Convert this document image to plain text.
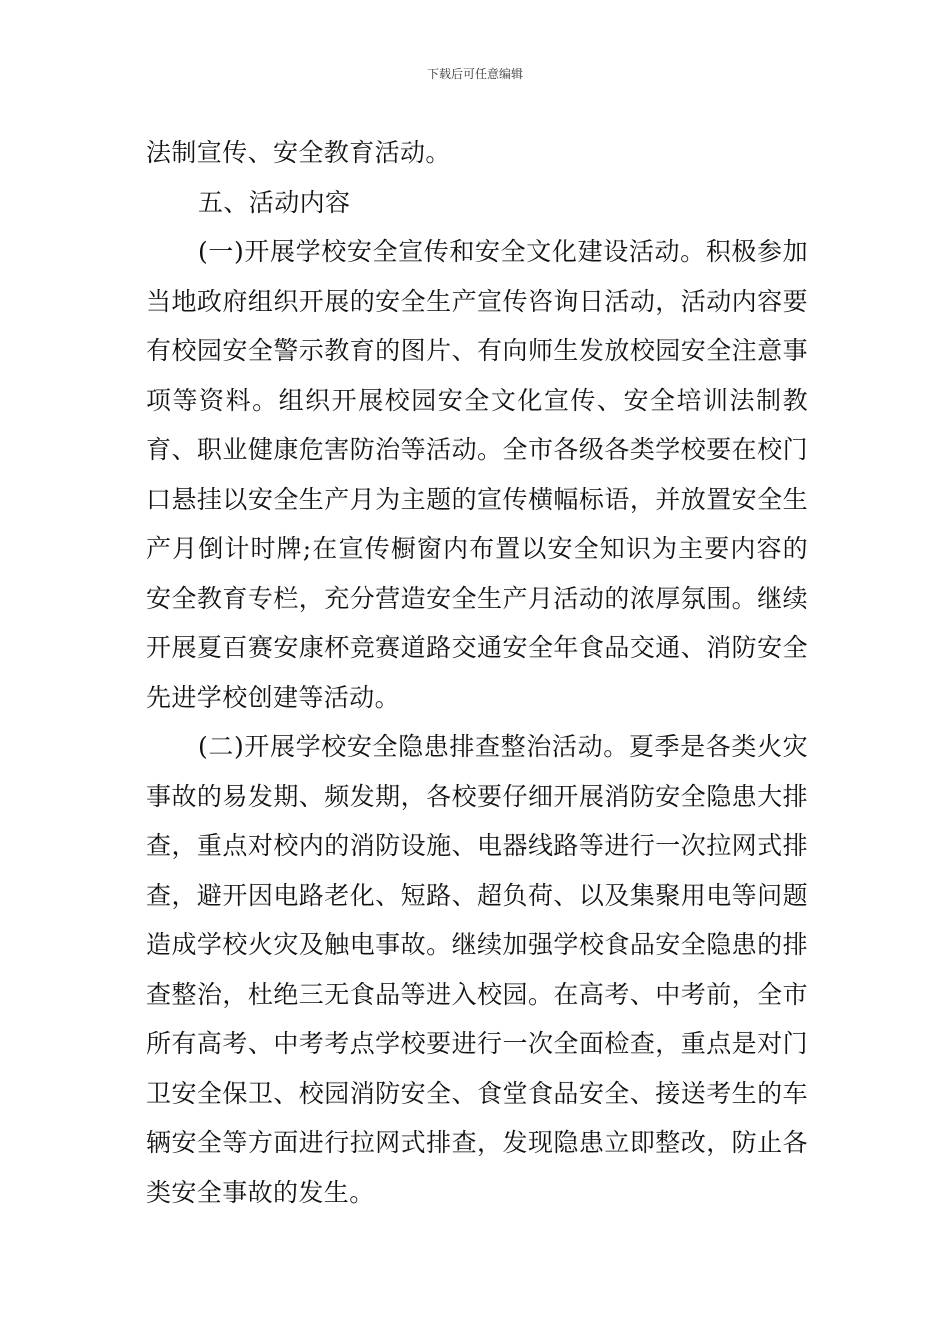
下载后可任意编辑

法制宣传、安全教育活动。

五、活动内容

(一)开展学校安全宣传和安全文化建设活动。积极参加当地政府组织开展的安全生产宣传咨询日活动，活动内容要有校园安全警示教育的图片、有向师生发放校园安全注意事项等资料。组织开展校园安全文化宣传、安全培训法制教育、职业健康危害防治等活动。全市各级各类学校要在校门口悬挂以安全生产月为主题的宣传横幅标语，并放置安全生产月倒计时牌;在宣传橱窗内布置以安全知识为主要内容的安全教育专栏，充分营造安全生产月活动的浓厚氛围。继续开展夏百赛安康杯竞赛道路交通安全年食品交通、消防安全先进学校创建等活动。

(二)开展学校安全隐患排查整治活动。夏季是各类火灾事故的易发期、频发期，各校要仔细开展消防安全隐患大排查，重点对校内的消防设施、电器线路等进行一次拉网式排查，避开因电路老化、短路、超负荷、以及集聚用电等问题造成学校火灾及触电事故。继续加强学校食品安全隐患的排查整治，杜绝三无食品等进入校园。在高考、中考前，全市所有高考、中考考点学校要进行一次全面检查，重点是对门卫安全保卫、校园消防安全、食堂食品安全、接送考生的车辆安全等方面进行拉网式排查，发现隐患立即整改，防止各类安全事故的发生。
